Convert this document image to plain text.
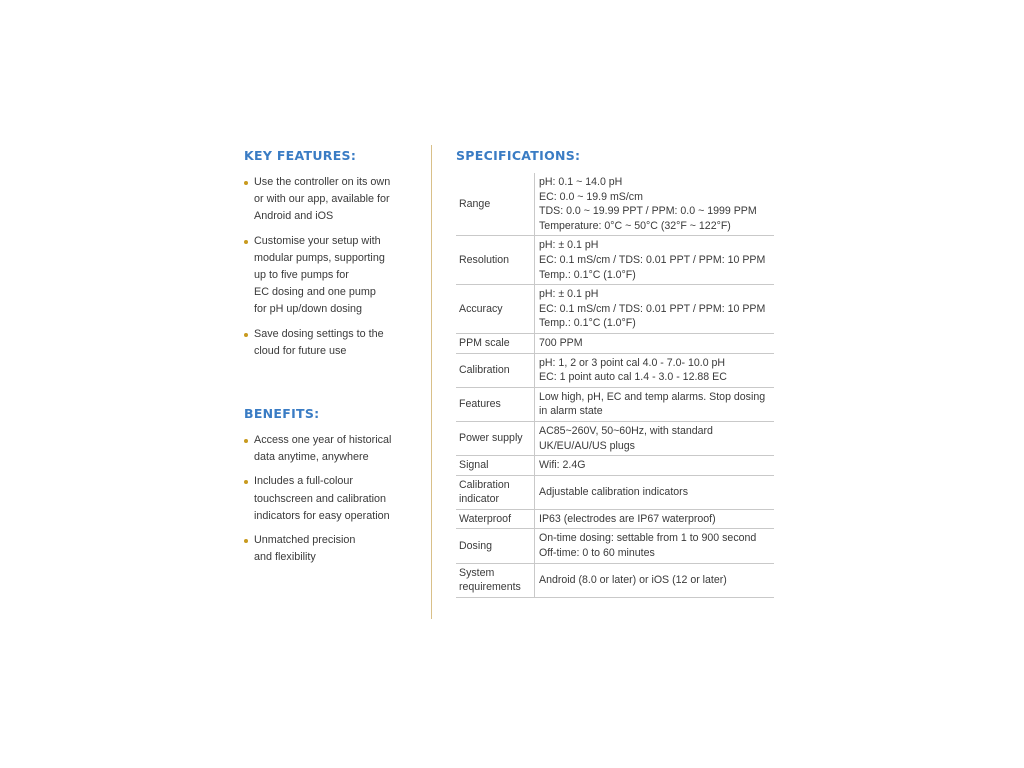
KEY FEATURES:
Use the controller on its own
or with our app, available for
Android and iOS
Customise your setup with
modular pumps, supporting
up to five pumps for
EC dosing and one pump
for pH up/down dosing
Save dosing settings to the
cloud for future use
BENEFITS:
Access one year of historical
data anytime, anywhere
Includes a full-colour
touchscreen and calibration
indicators for easy operation
Unmatched precision
and flexibility
SPECIFICATIONS:
Range	pH: 0.1 ~ 14.0 pH
EC: 0.0 ~ 19.9 mS/cm
TDS: 0.0 ~ 19.99 PPT / PPM: 0.0 ~ 1999 PPM
Temperature: 0°C ~ 50°C (32°F ~ 122°F)
Resolution	pH: ± 0.1 pH
EC: 0.1 mS/cm / TDS: 0.01 PPT / PPM: 10 PPM
Temp.: 0.1°C (1.0°F)
Accuracy	pH: ± 0.1 pH
EC: 0.1 mS/cm / TDS: 0.01 PPT / PPM: 10 PPM
Temp.: 0.1°C (1.0°F)
PPM scale	700 PPM
Calibration	pH: 1, 2 or 3 point cal 4.0 - 7.0- 10.0 pH
EC: 1 point auto cal 1.4 - 3.0 - 12.88 EC
Features	Low high, pH, EC and temp alarms. Stop dosing
in alarm state
Power supply	AC85~260V, 50~60Hz, with standard
UK/EU/AU/US plugs
Signal	Wifi: 2.4G
Calibration indicator	Adjustable calibration indicators
Waterproof	IP63 (electrodes are IP67 waterproof)
Dosing	On-time dosing: settable from 1 to 900 second
Off-time: 0 to 60 minutes
System requirements	Android (8.0 or later) or iOS (12 or later)
